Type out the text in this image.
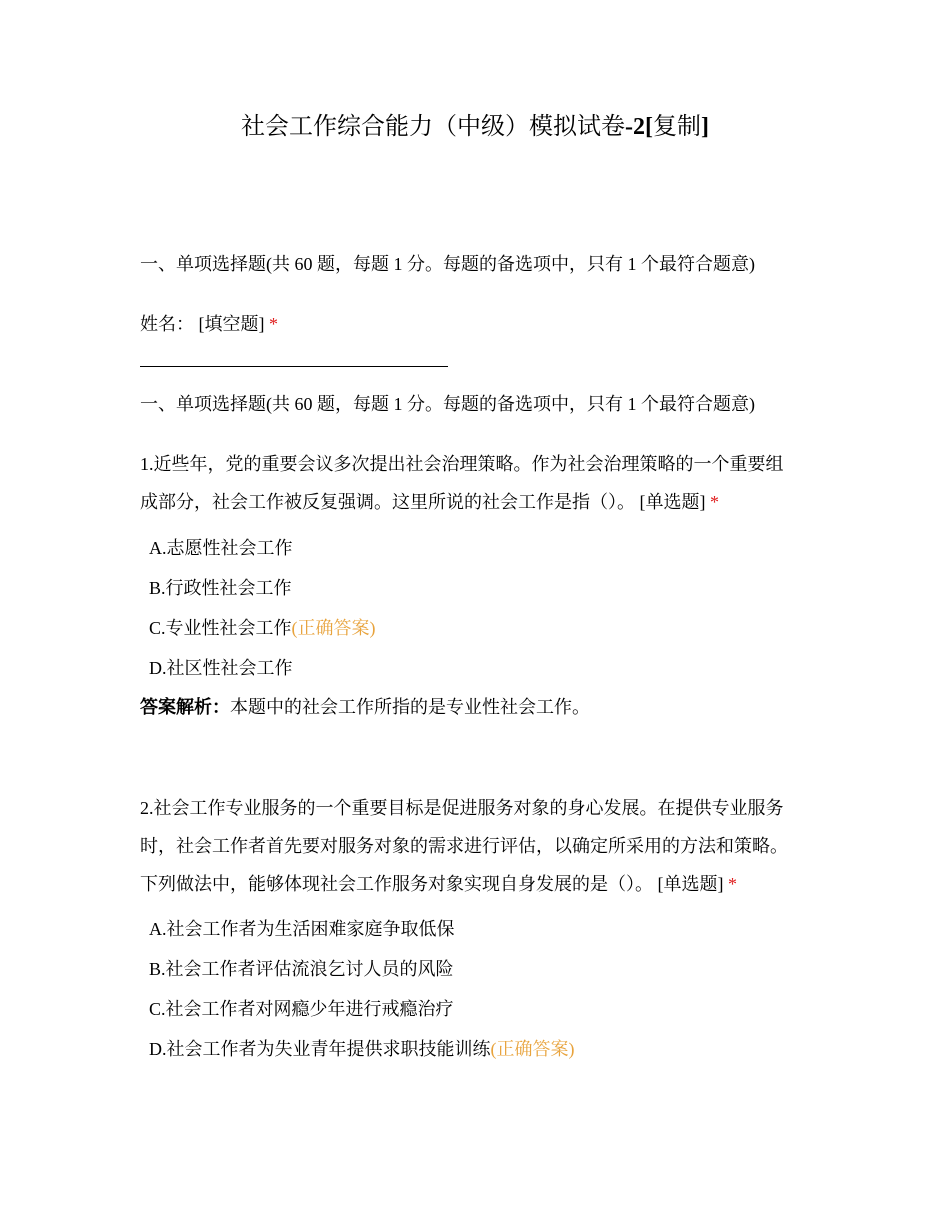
社会工作综合能力（中级）模拟试卷-2[复制]
一、单项选择题(共 60 题，每题 1 分。每题的备选项中，只有 1 个最符合题意)
姓名： [填空题] *
一、单项选择题(共 60 题，每题 1 分。每题的备选项中，只有 1 个最符合题意)
1.近些年，党的重要会议多次提出社会治理策略。作为社会治理策略的一个重要组
成部分，社会工作被反复强调。这里所说的社会工作是指（）。 [单选题] *
A.志愿性社会工作
B.行政性社会工作
C.专业性社会工作(正确答案)
D.社区性社会工作
答案解析：本题中的社会工作所指的是专业性社会工作。
2.社会工作专业服务的一个重要目标是促进服务对象的身心发展。在提供专业服务
时，社会工作者首先要对服务对象的需求进行评估，以确定所采用的方法和策略。
下列做法中，能够体现社会工作服务对象实现自身发展的是（）。 [单选题] *
A.社会工作者为生活困难家庭争取低保
B.社会工作者评估流浪乞讨人员的风险
C.社会工作者对网瘾少年进行戒瘾治疗
D.社会工作者为失业青年提供求职技能训练(正确答案)
